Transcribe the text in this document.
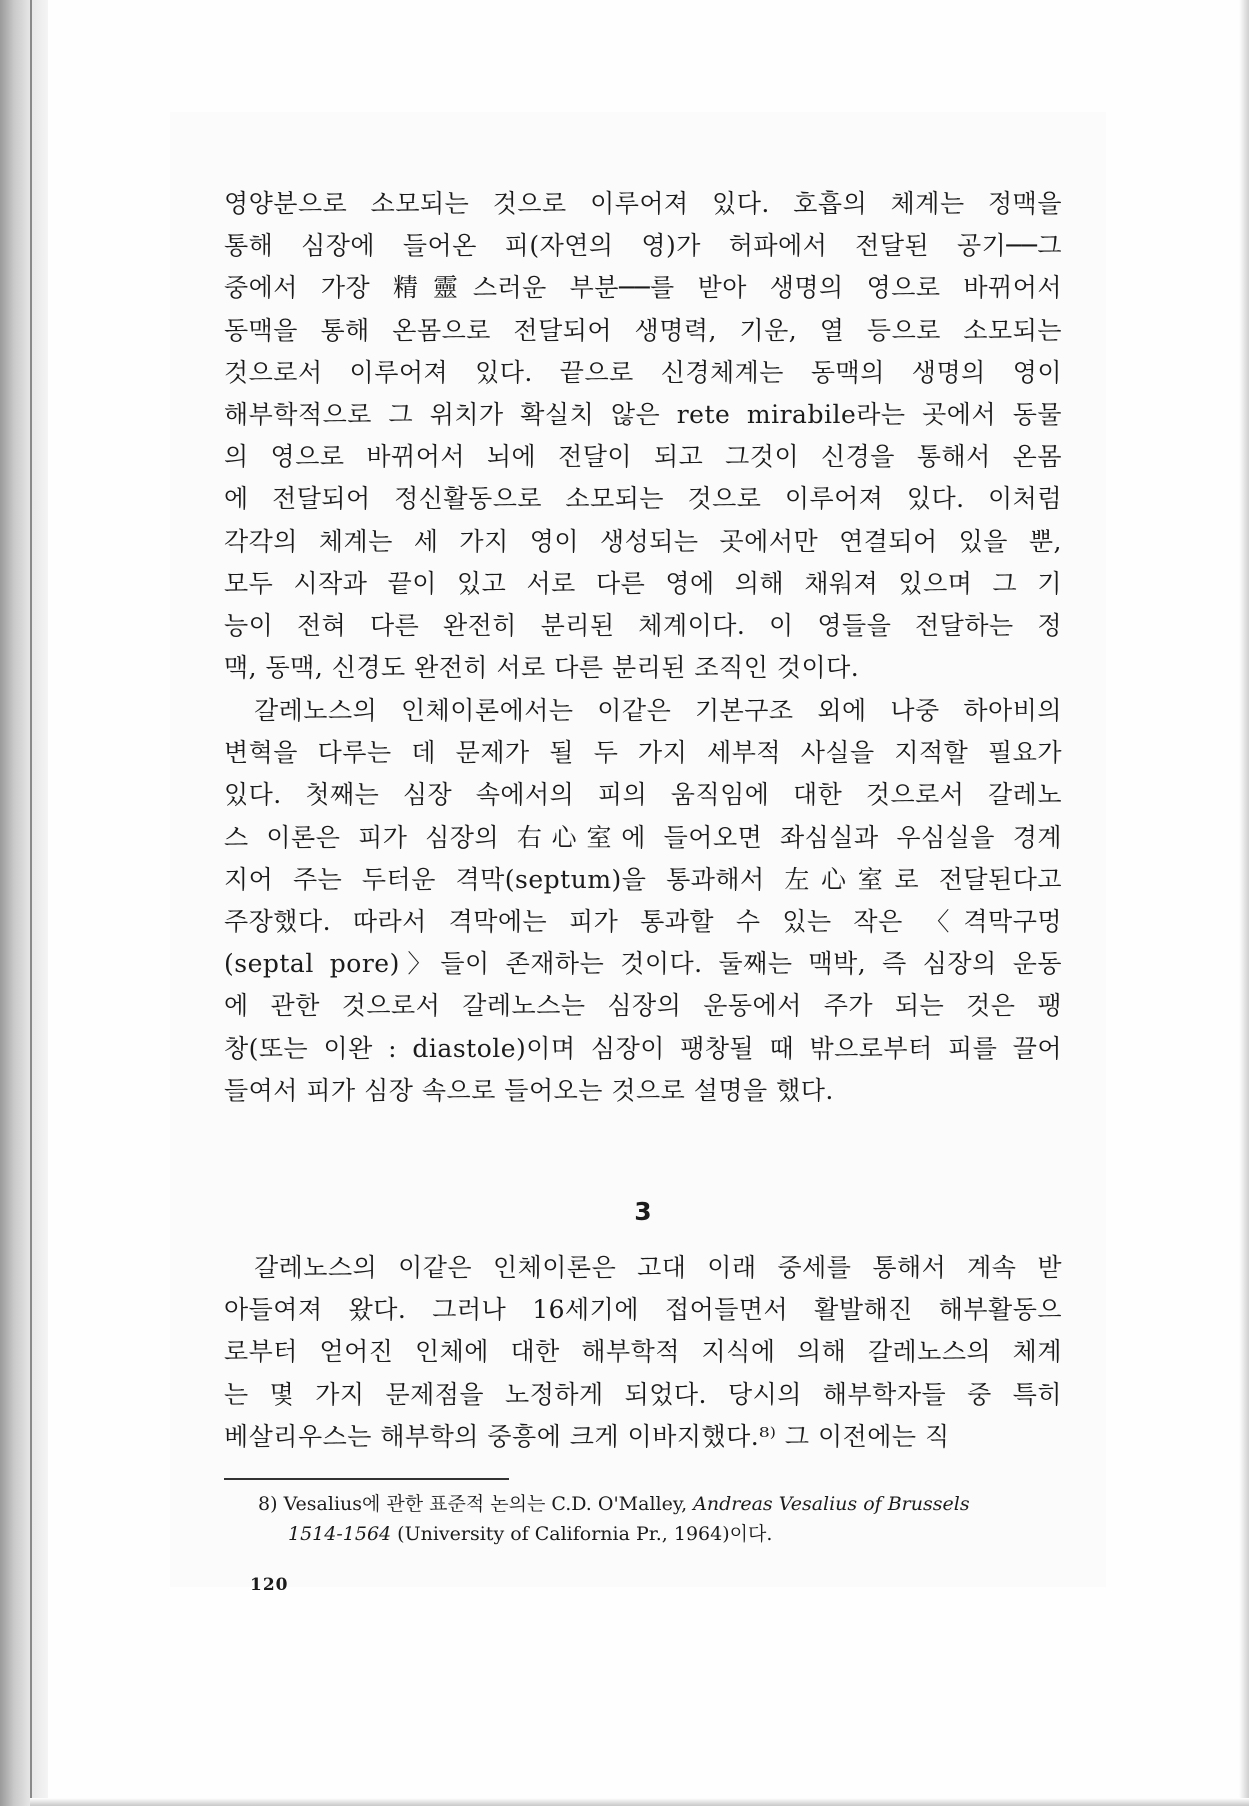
영양분으로 소모되는 것으로 이루어져 있다. 호흡의 체계는 정맥을
통해 심장에 들어온 피(자연의 영)가 허파에서 전달된 공기──그
중에서 가장 精靈스러운 부분──를 받아 생명의 영으로 바뀌어서
동맥을 통해 온몸으로 전달되어 생명력, 기운, 열 등으로 소모되는
것으로서 이루어져 있다. 끝으로 신경체계는 동맥의 생명의 영이
해부학적으로 그 위치가 확실치 않은 rete mirabile라는 곳에서 동물
의 영으로 바뀌어서 뇌에 전달이 되고 그것이 신경을 통해서 온몸
에 전달되어 정신활동으로 소모되는 것으로 이루어져 있다. 이처럼
각각의 체계는 세 가지 영이 생성되는 곳에서만 연결되어 있을 뿐,
모두 시작과 끝이 있고 서로 다른 영에 의해 채워져 있으며 그 기
능이 전혀 다른 완전히 분리된 체계이다. 이 영들을 전달하는 정
맥, 동맥, 신경도 완전히 서로 다른 분리된 조직인 것이다.
갈레노스의 인체이론에서는 이같은 기본구조 외에 나중 하아비의
변혁을 다루는 데 문제가 될 두 가지 세부적 사실을 지적할 필요가
있다. 첫째는 심장 속에서의 피의 움직임에 대한 것으로서 갈레노
스 이론은 피가 심장의 右心室에 들어오면 좌심실과 우심실을 경계
지어 주는 두터운 격막(septum)을 통과해서 左心室로 전달된다고
주장했다. 따라서 격막에는 피가 통과할 수 있는 작은 〈격막구멍
(septal pore)〉들이 존재하는 것이다. 둘째는 맥박, 즉 심장의 운동
에 관한 것으로서 갈레노스는 심장의 운동에서 주가 되는 것은 팽
창(또는 이완 : diastole)이며 심장이 팽창될 때 밖으로부터 피를 끌어
들여서 피가 심장 속으로 들어오는 것으로 설명을 했다.
3
갈레노스의 이같은 인체이론은 고대 이래 중세를 통해서 계속 받
아들여져 왔다. 그러나 16세기에 접어들면서 활발해진 해부활동으
로부터 얻어진 인체에 대한 해부학적 지식에 의해 갈레노스의 체계
는 몇 가지 문제점을 노정하게 되었다. 당시의 해부학자들 중 특히
베살리우스는 해부학의 중흥에 크게 이바지했다.⁸⁾ 그 이전에는 직
8) Vesalius에 관한 표준적 논의는 C.D. O'Malley, Andreas Vesalius of Brussels
1514-1564 (University of California Pr., 1964)이다.
120
